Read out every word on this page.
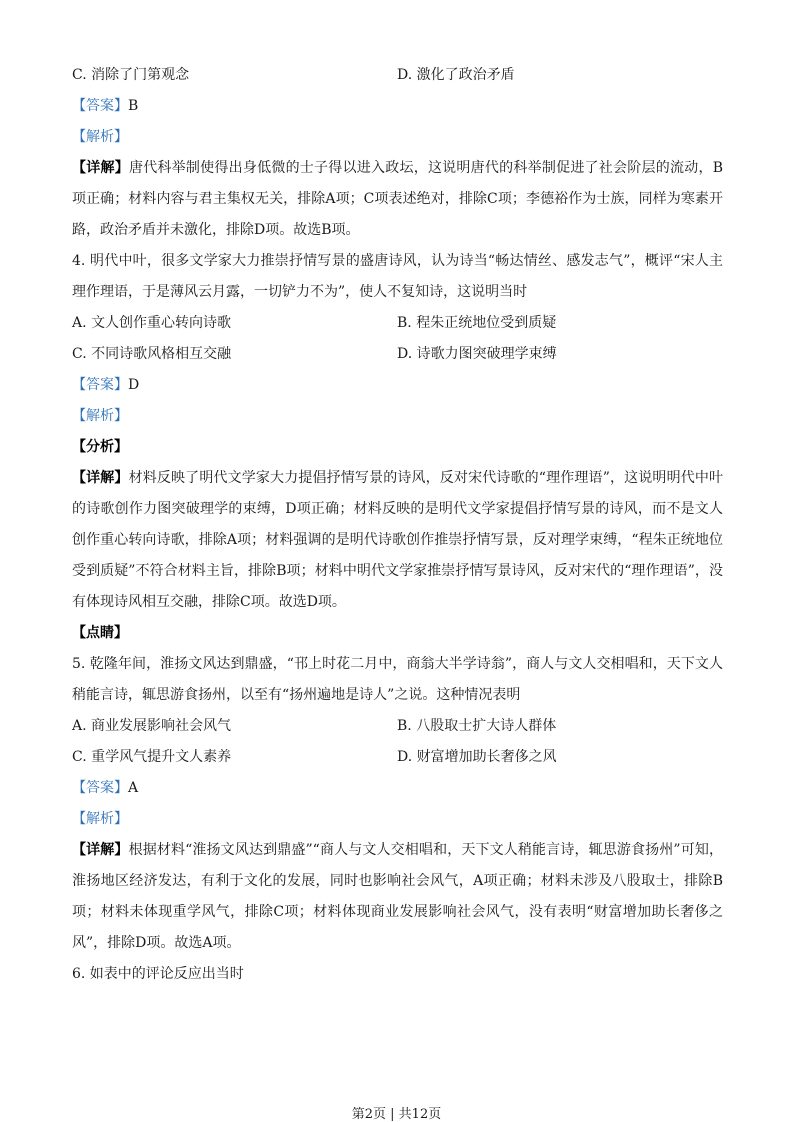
C. 消除了门第观念	D. 激化了政治矛盾
【答案】B
【解析】
【详解】唐代科举制使得出身低微的士子得以进入政坛，这说明唐代的科举制促进了社会阶层的流动，B项正确；材料内容与君主集权无关，排除A项；C项表述绝对，排除C项；李德裕作为士族，同样为寒素开路，政治矛盾并未激化，排除D项。故选B项。
4. 明代中叶，很多文学家大力推崇抒情写景的盛唐诗风，认为诗当“畅达情丝、感发志气”，概评“宋人主理作理语，于是薄风云月露，一切铲力不为”，使人不复知诗，这说明当时
A. 文人创作重心转向诗歌	B. 程朱正统地位受到质疑
C. 不同诗歌风格相互交融	D. 诗歌力图突破理学束缚
【答案】D
【解析】
【分析】
【详解】材料反映了明代文学家大力提倡抒情写景的诗风，反对宋代诗歌的“理作理语”，这说明明代中叶的诗歌创作力图突破理学的束缚，D项正确；材料反映的是明代文学家提倡抒情写景的诗风，而不是文人创作重心转向诗歌，排除A项；材料强调的是明代诗歌创作推崇抒情写景，反对理学束缚，“程朱正统地位受到质疑”不符合材料主旨，排除B项；材料中明代文学家推崇抒情写景诗风，反对宋代的“理作理语”，没有体现诗风相互交融，排除C项。故选D项。
【点睛】
5. 乾隆年间，淮扬文风达到鼎盛，“邗上时花二月中，商翁大半学诗翁”，商人与文人交相唱和，天下文人稍能言诗，辄思游食扬州，以至有“扬州遍地是诗人”之说。这种情况表明
A. 商业发展影响社会风气	B. 八股取士扩大诗人群体
C. 重学风气提升文人素养	D. 财富增加助长奢侈之风
【答案】A
【解析】
【详解】根据材料“淮扬文风达到鼎盛”“商人与文人交相唱和，天下文人稍能言诗，辄思游食扬州”可知，淮扬地区经济发达，有利于文化的发展，同时也影响社会风气，A项正确；材料未涉及八股取士，排除B项；材料未体现重学风气，排除C项；材料体现商业发展影响社会风气，没有表明“财富增加助长奢侈之风”，排除D项。故选A项。
6. 如表中的评论反应出当时
第2页 | 共12页
